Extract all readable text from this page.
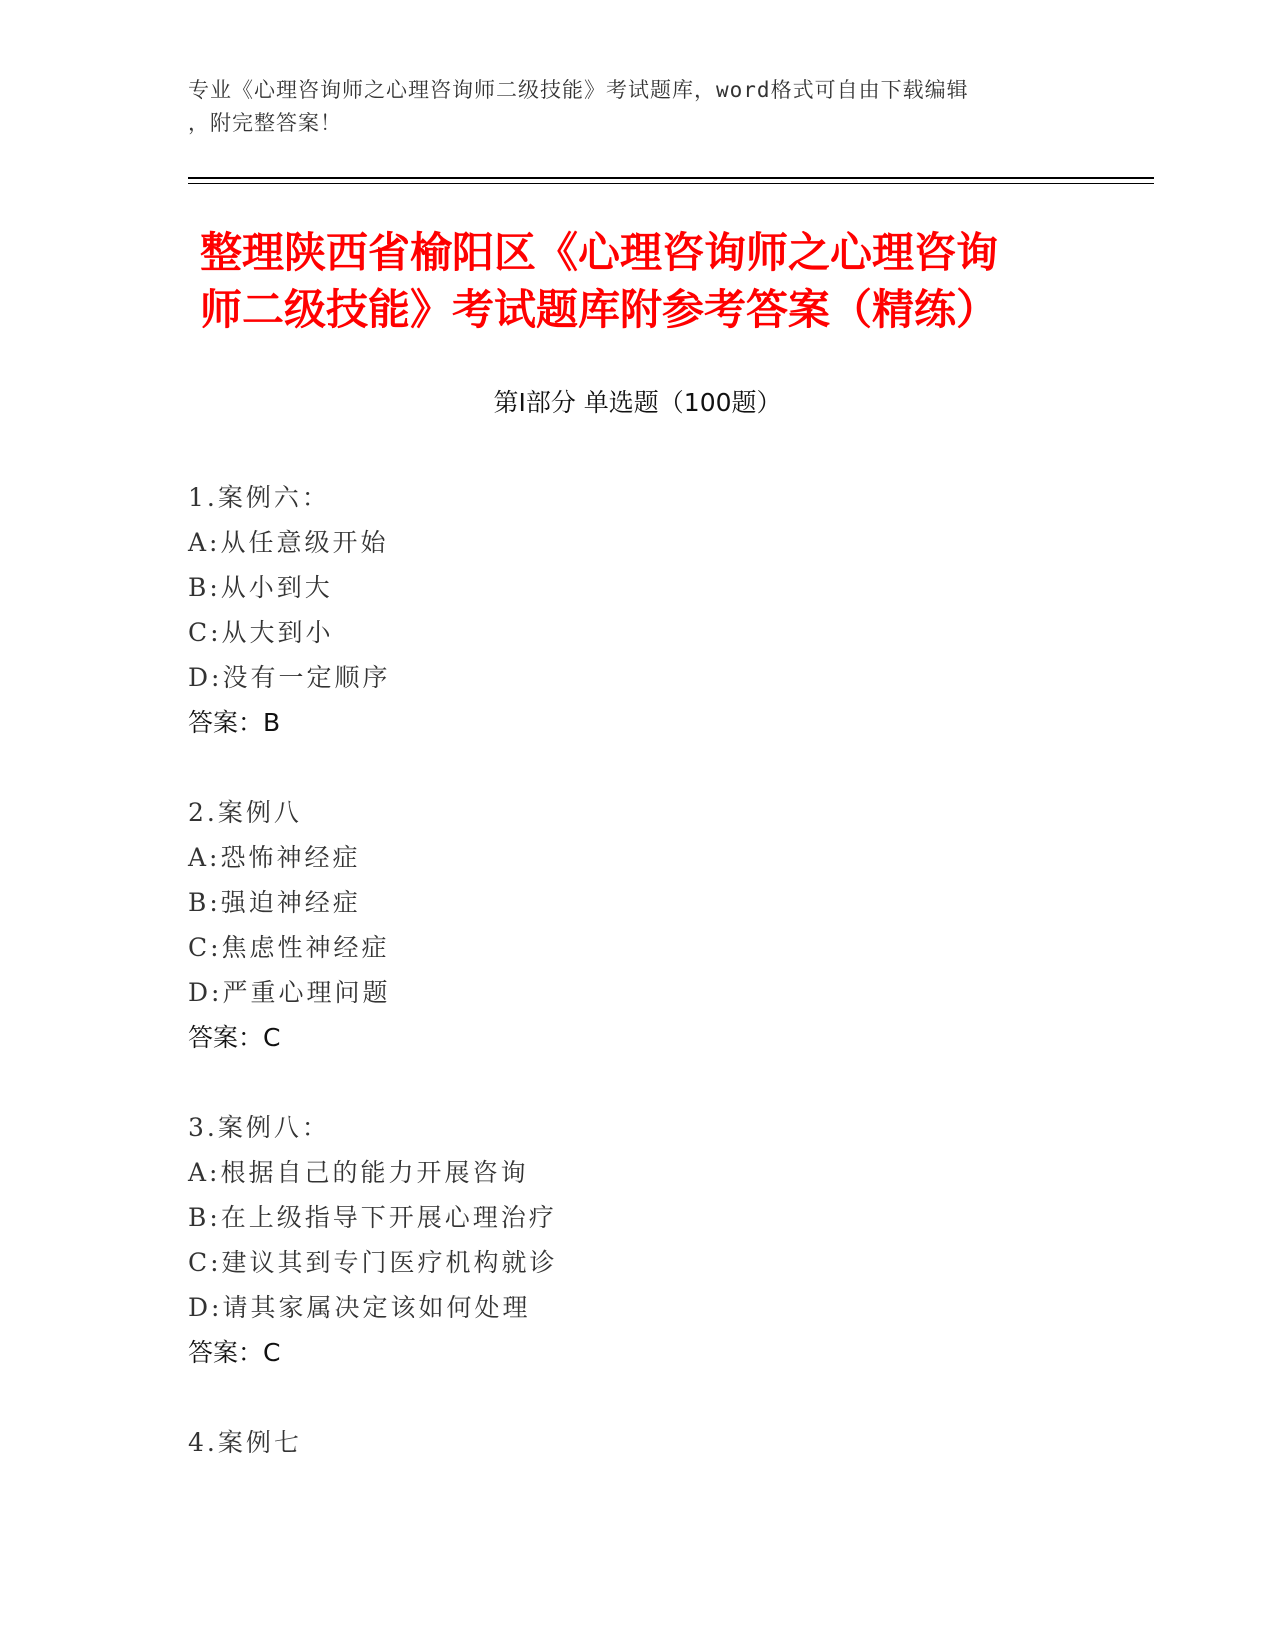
专业《心理咨询师之心理咨询师二级技能》考试题库，word格式可自由下载编辑
，附完整答案！
整理陕西省榆阳区《心理咨询师之心理咨询
师二级技能》考试题库附参考答案（精练）
第Ⅰ部分 单选题（100题）
1.案例六：
A:从任意级开始
B:从小到大
C:从大到小
D:没有一定顺序
答案：B
2.案例八
A:恐怖神经症
B:强迫神经症
C:焦虑性神经症
D:严重心理问题
答案：C
3.案例八：
A:根据自己的能力开展咨询
B:在上级指导下开展心理治疗
C:建议其到专门医疗机构就诊
D:请其家属决定该如何处理
答案：C
4.案例七
